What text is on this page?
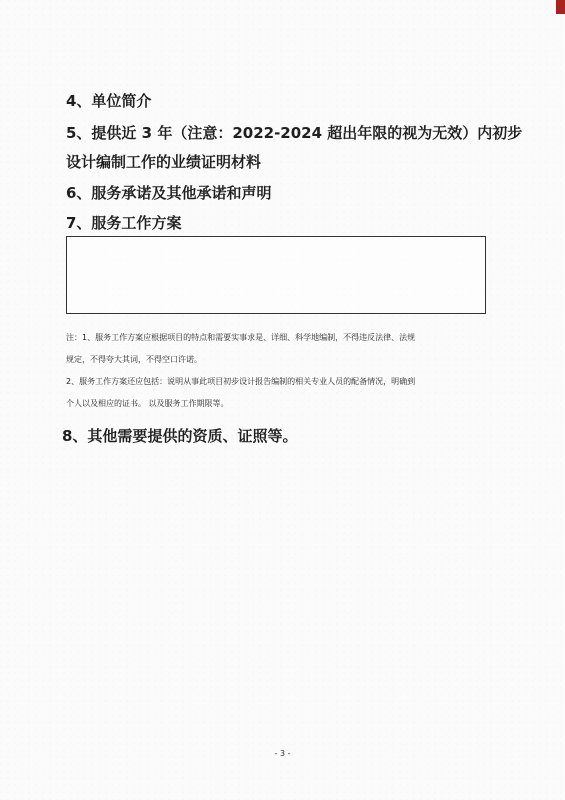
4、单位简介
5、提供近 3 年（注意：2022-2024 超出年限的视为无效）内初步
设计编制工作的业绩证明材料
6、服务承诺及其他承诺和声明
7、服务工作方案
注：1、服务工作方案应根据项目的特点和需要实事求是、详细、科学地编制，不得违反法律、法规
规定，不得夸大其词，不得空口许诺。
2、服务工作方案还应包括：说明从事此项目初步设计报告编制的相关专业人员的配备情况，明确到
个人以及相应的证书。 以及服务工作期限等。
8、其他需要提供的资质、证照等。
- 3 -
